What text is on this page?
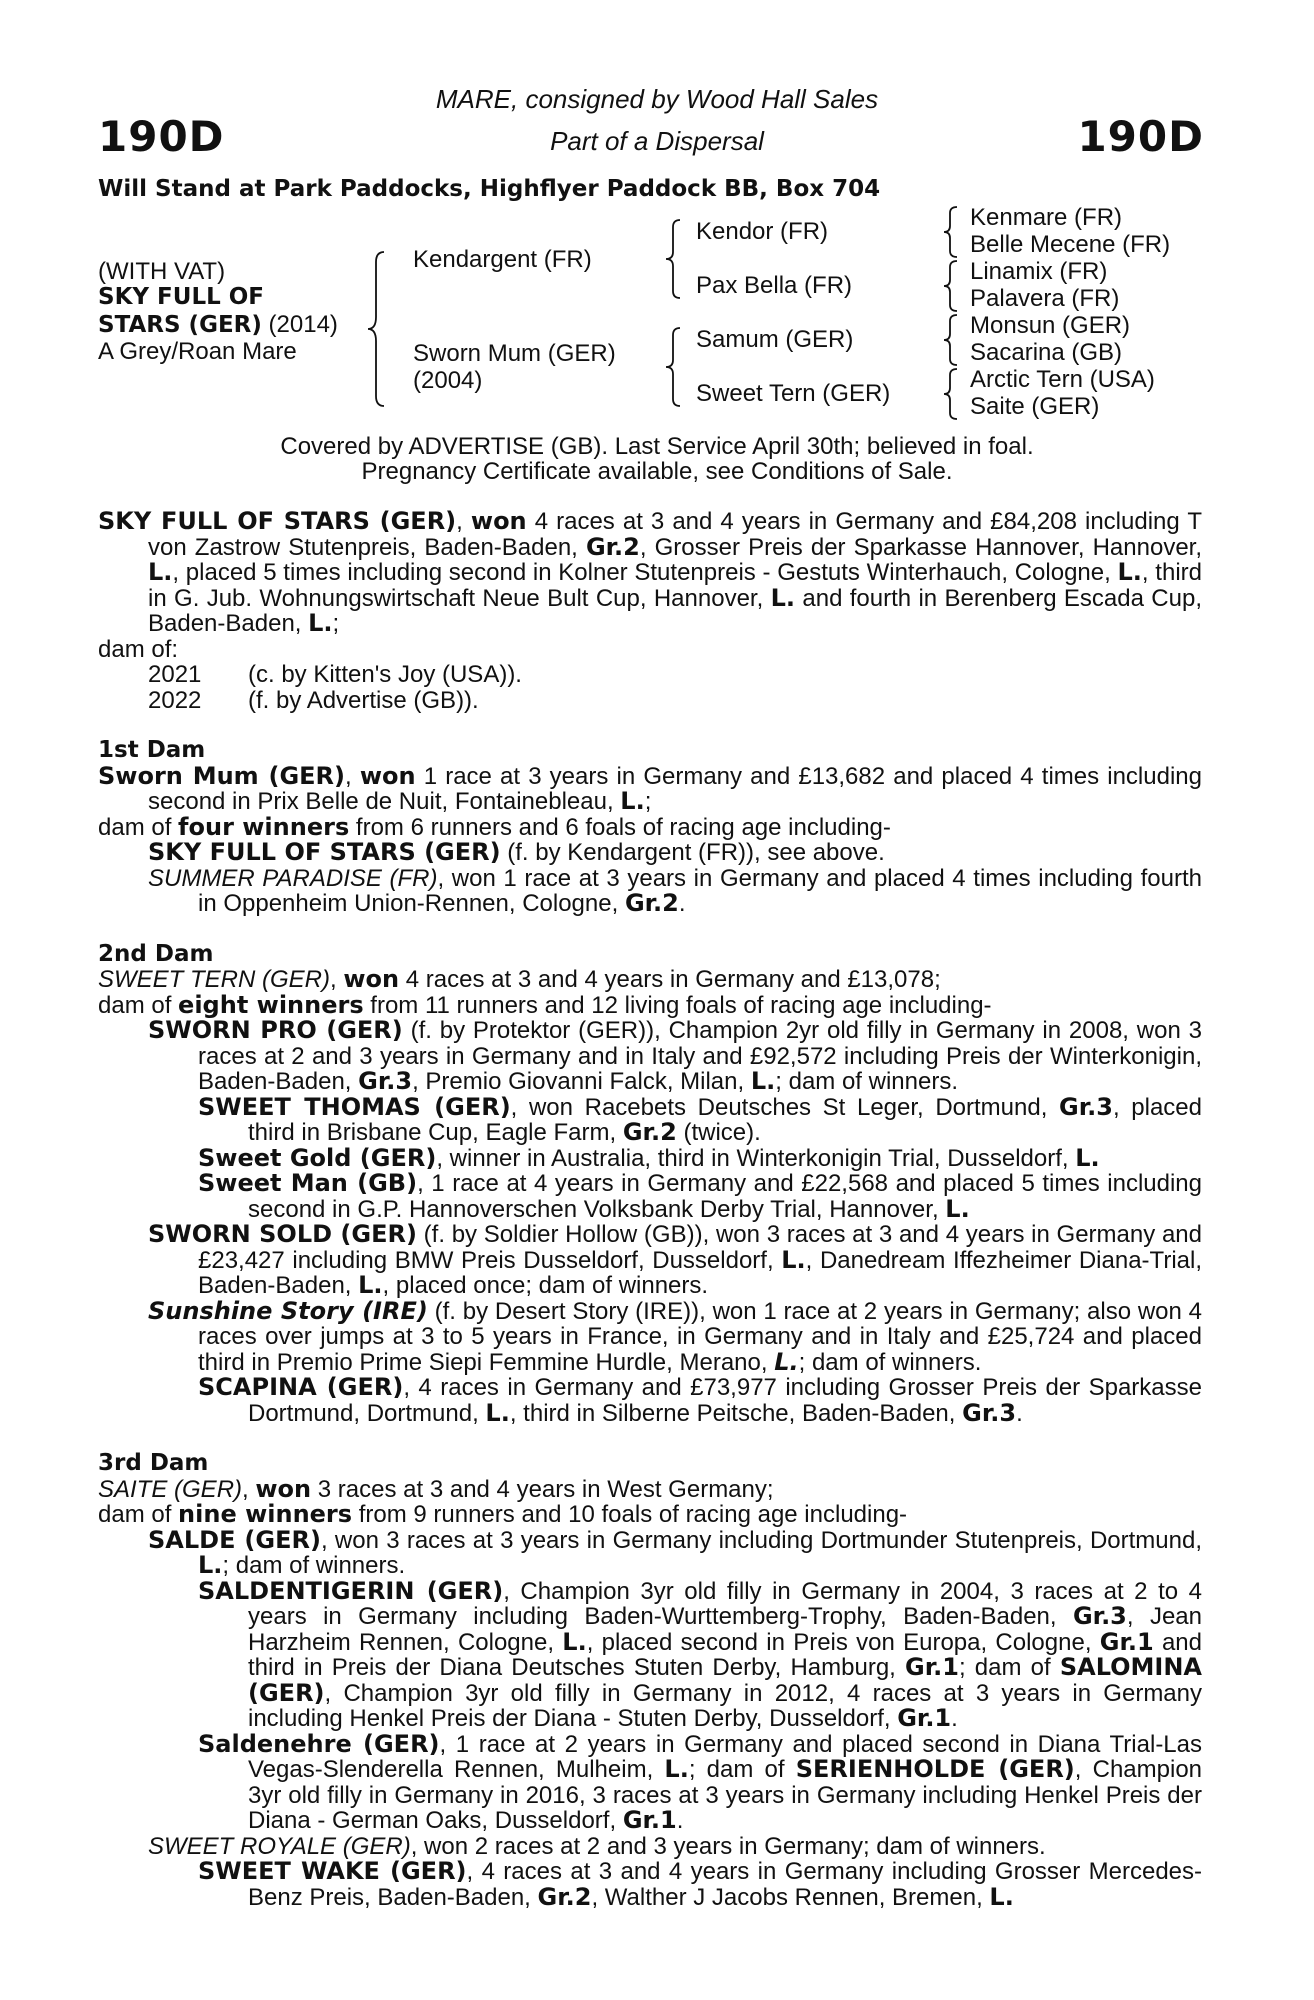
190D	190D
MARE, consigned by Wood Hall Sales
Part of a Dispersal
Will Stand at Park Paddocks, Highflyer Paddock BB, Box 704
(WITH VAT)
SKY FULL OF
STARS (GER) (2014)
A Grey/Roan Mare
Kendargent (FR)
Sworn Mum (GER)
(2004)
Kendor (FR)
Pax Bella (FR)
Samum (GER)
Sweet Tern (GER)
Kenmare (FR)
Belle Mecene (FR)
Linamix (FR)
Palavera (FR)
Monsun (GER)
Sacarina (GB)
Arctic Tern (USA)
Saite (GER)
Covered by ADVERTISE (GB). Last Service April 30th; believed in foal.
Pregnancy Certificate available, see Conditions of Sale.

SKY FULL OF STARS (GER), won 4 races at 3 and 4 years in Germany and £84,208 including T von Zastrow Stutenpreis, Baden-Baden, Gr.2, Grosser Preis der Sparkasse Hannover, Hannover, L., placed 5 times including second in Kolner Stutenpreis - Gestuts Winterhauch, Cologne, L., third in G. Jub. Wohnungswirtschaft Neue Bult Cup, Hannover, L. and fourth in Berenberg Escada Cup, Baden-Baden, L.;

dam of:

2021 (c. by Kitten's Joy (USA)).

2022 (f. by Advertise (GB)).

1st Dam

Sworn Mum (GER), won 1 race at 3 years in Germany and £13,682 and placed 4 times including second in Prix Belle de Nuit, Fontainebleau, L.;

dam of four winners from 6 runners and 6 foals of racing age including-

SKY FULL OF STARS (GER) (f. by Kendargent (FR)), see above.

SUMMER PARADISE (FR), won 1 race at 3 years in Germany and placed 4 times including fourth in Oppenheim Union-Rennen, Cologne, Gr.2.

2nd Dam

SWEET TERN (GER), won 4 races at 3 and 4 years in Germany and £13,078;

dam of eight winners from 11 runners and 12 living foals of racing age including-

SWORN PRO (GER) (f. by Protektor (GER)), Champion 2yr old filly in Germany in 2008, won 3 races at 2 and 3 years in Germany and in Italy and £92,572 including Preis der Winterkonigin, Baden-Baden, Gr.3, Premio Giovanni Falck, Milan, L.; dam of winners.

SWEET THOMAS (GER), won Racebets Deutsches St Leger, Dortmund, Gr.3, placed third in Brisbane Cup, Eagle Farm, Gr.2 (twice).

Sweet Gold (GER), winner in Australia, third in Winterkonigin Trial, Dusseldorf, L.

Sweet Man (GB), 1 race at 4 years in Germany and £22,568 and placed 5 times including second in G.P. Hannoverschen Volksbank Derby Trial, Hannover, L.

SWORN SOLD (GER) (f. by Soldier Hollow (GB)), won 3 races at 3 and 4 years in Germany and £23,427 including BMW Preis Dusseldorf, Dusseldorf, L., Danedream Iffezheimer Diana-Trial, Baden-Baden, L., placed once; dam of winners.

Sunshine Story (IRE) (f. by Desert Story (IRE)), won 1 race at 2 years in Germany; also won 4 races over jumps at 3 to 5 years in France, in Germany and in Italy and £25,724 and placed third in Premio Prime Siepi Femmine Hurdle, Merano, L.; dam of winners.

SCAPINA (GER), 4 races in Germany and £73,977 including Grosser Preis der Sparkasse Dortmund, Dortmund, L., third in Silberne Peitsche, Baden-Baden, Gr.3.

3rd Dam

SAITE (GER), won 3 races at 3 and 4 years in West Germany;

dam of nine winners from 9 runners and 10 foals of racing age including-

SALDE (GER), won 3 races at 3 years in Germany including Dortmunder Stutenpreis, Dortmund, L.; dam of winners.

SALDENTIGERIN (GER), Champion 3yr old filly in Germany in 2004, 3 races at 2 to 4 years in Germany including Baden-Wurttemberg-Trophy, Baden-Baden, Gr.3, Jean Harzheim Rennen, Cologne, L., placed second in Preis von Europa, Cologne, Gr.1 and third in Preis der Diana Deutsches Stuten Derby, Hamburg, Gr.1; dam of SALOMINA (GER), Champion 3yr old filly in Germany in 2012, 4 races at 3 years in Germany including Henkel Preis der Diana - Stuten Derby, Dusseldorf, Gr.1.

Saldenehre (GER), 1 race at 2 years in Germany and placed second in Diana Trial-Las Vegas-Slenderella Rennen, Mulheim, L.; dam of SERIENHOLDE (GER), Champion 3yr old filly in Germany in 2016, 3 races at 3 years in Germany including Henkel Preis der Diana - German Oaks, Dusseldorf, Gr.1.

SWEET ROYALE (GER), won 2 races at 2 and 3 years in Germany; dam of winners.

SWEET WAKE (GER), 4 races at 3 and 4 years in Germany including Grosser Mercedes-Benz Preis, Baden-Baden, Gr.2, Walther J Jacobs Rennen, Bremen, L.
